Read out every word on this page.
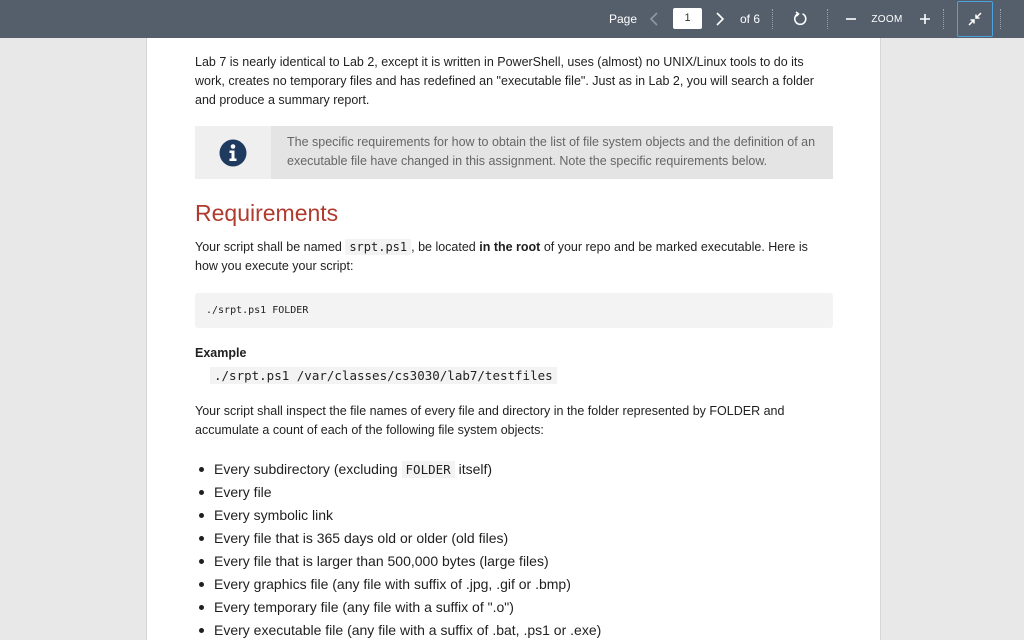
Page	1	of 6	ZOOM

Lab 7 is nearly identical to Lab 2, except it is written in PowerShell, uses (almost) no UNIX/Linux tools to do its work, creates no temporary files and has redefined an "executable file". Just as in Lab 2, you will search a folder and produce a summary report.

The specific requirements for how to obtain the list of file system objects and the definition of an executable file have changed in this assignment. Note the specific requirements below.
Requirements

Your script shall be named srpt.ps1 , be located in the root of your repo and be marked executable. Here is how you execute your script:

./srpt.ps1 FOLDER
Example
./srpt.ps1 /var/classes/cs3030/lab7/testfiles

Your script shall inspect the file names of every file and directory in the folder represented by FOLDER and accumulate a count of each of the following file system objects:

Every subdirectory (excluding FOLDER itself)
Every file
Every symbolic link
Every file that is 365 days old or older (old files)
Every file that is larger than 500,000 bytes (large files)
Every graphics file (any file with suffix of .jpg, .gif or .bmp)
Every temporary file (any file with a suffix of ".o")
Every executable file (any file with a suffix of .bat, .ps1 or .exe)
